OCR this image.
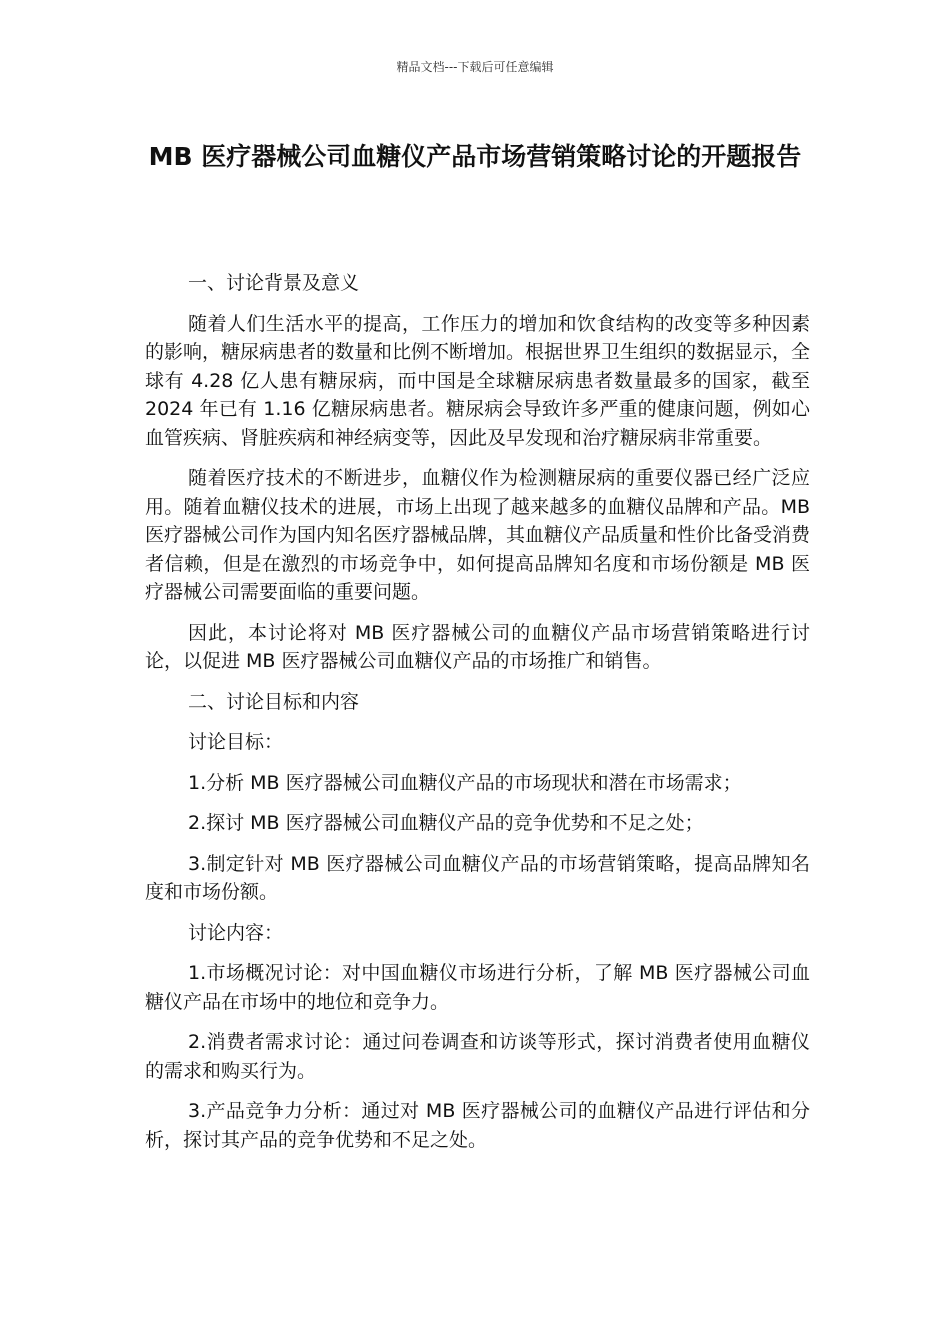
精品文档---下载后可任意编辑
MB 医疗器械公司血糖仪产品市场营销策略讨论的开题报告

一、讨论背景及意义

随着人们生活水平的提高，工作压力的增加和饮食结构的改变等多种因素的影响，糖尿病患者的数量和比例不断增加。根据世界卫生组织的数据显示，全球有 4.28 亿人患有糖尿病，而中国是全球糖尿病患者数量最多的国家，截至 2024 年已有 1.16 亿糖尿病患者。糖尿病会导致许多严重的健康问题，例如心血管疾病、肾脏疾病和神经病变等，因此及早发现和治疗糖尿病非常重要。

随着医疗技术的不断进步，血糖仪作为检测糖尿病的重要仪器已经广泛应用。随着血糖仪技术的进展，市场上出现了越来越多的血糖仪品牌和产品。MB 医疗器械公司作为国内知名医疗器械品牌，其血糖仪产品质量和性价比备受消费者信赖，但是在激烈的市场竞争中，如何提高品牌知名度和市场份额是 MB 医疗器械公司需要面临的重要问题。

因此，本讨论将对 MB 医疗器械公司的血糖仪产品市场营销策略进行讨论，以促进 MB 医疗器械公司血糖仪产品的市场推广和销售。

二、讨论目标和内容

讨论目标：

1.分析 MB 医疗器械公司血糖仪产品的市场现状和潜在市场需求；

2.探讨 MB 医疗器械公司血糖仪产品的竞争优势和不足之处；

3.制定针对 MB 医疗器械公司血糖仪产品的市场营销策略，提高品牌知名度和市场份额。

讨论内容：

1.市场概况讨论：对中国血糖仪市场进行分析，了解 MB 医疗器械公司血糖仪产品在市场中的地位和竞争力。

2.消费者需求讨论：通过问卷调查和访谈等形式，探讨消费者使用血糖仪的需求和购买行为。

3.产品竞争力分析：通过对 MB 医疗器械公司的血糖仪产品进行评估和分析，探讨其产品的竞争优势和不足之处。
